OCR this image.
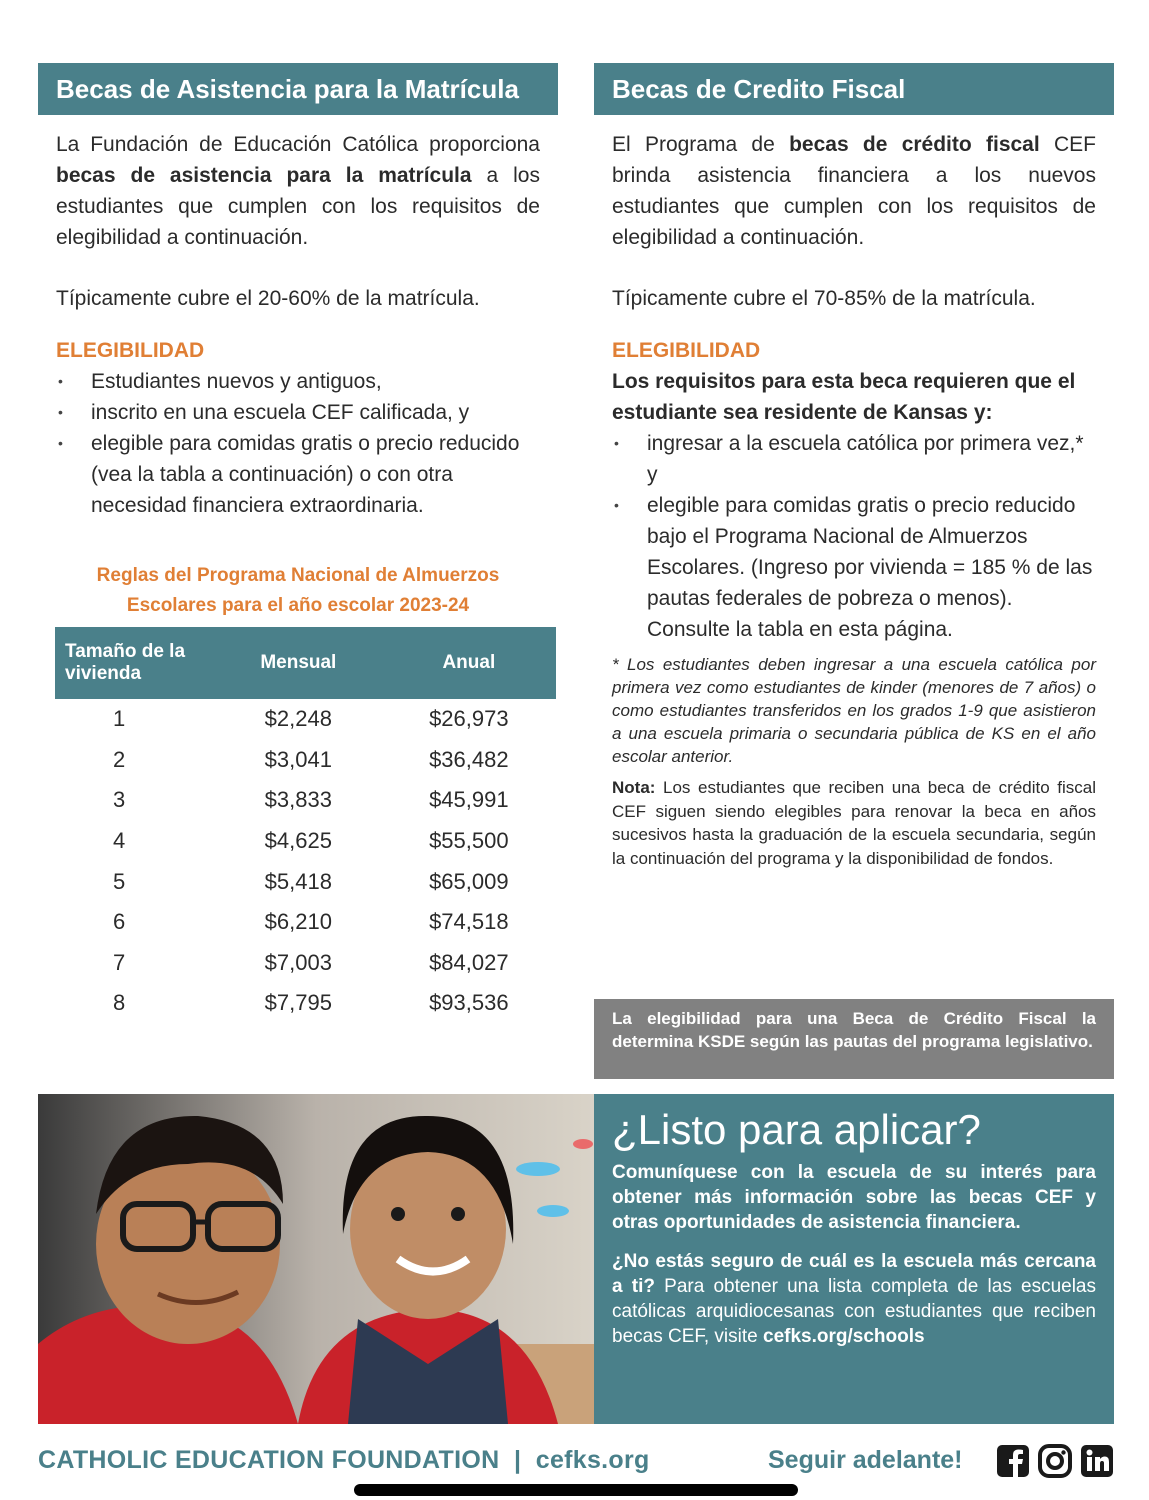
Becas de Asistencia para la Matrícula

La Fundación de Educación Católica proporciona becas de asistencia para la matrícula a los estudiantes que cumplen con los requisitos de elegibilidad a continuación.

Típicamente cubre el 20-60% de la matrícula.

ELEGIBILIDAD

• Estudiantes nuevos y antiguos,
• inscrito en una escuela CEF calificada, y
• elegible para comidas gratis o precio reducido (vea la tabla a continuación) o con otra necesidad financiera extraordinaria.

Reglas del Programa Nacional de Almuerzos
Escolares para el año escolar 2023-24

Tamaño de la vivienda	Mensual	Anual
1	$2,248	$26,973
2	$3,041	$36,482
3	$3,833	$45,991
4	$4,625	$55,500
5	$5,418	$65,009
6	$6,210	$74,518
7	$7,003	$84,027
8	$7,795	$93,536
Becas de Credito Fiscal

El Programa de becas de crédito fiscal CEF brinda asistencia financiera a los nuevos estudiantes que cumplen con los requisitos de elegibilidad a continuación.

Típicamente cubre el 70-85% de la matrícula.

ELEGIBILIDAD

Los requisitos para esta beca requieren que el estudiante sea residente de Kansas y:

• ingresar a la escuela católica por primera vez,* y
• elegible para comidas gratis o precio reducido bajo el Programa Nacional de Almuerzos Escolares. (Ingreso por vivienda = 185 % de las pautas federales de pobreza o menos). Consulte la tabla en esta página.

* Los estudiantes deben ingresar a una escuela católica por primera vez como estudiantes de kinder (menores de 7 años) o como estudiantes transferidos en los grados 1-9 que asistieron a una escuela primaria o secundaria pública de KS en el año escolar anterior.

Nota: Los estudiantes que reciben una beca de crédito fiscal CEF siguen siendo elegibles para renovar la beca en años sucesivos hasta la graduación de la escuela secundaria, según la continuación del programa y la disponibilidad de fondos.

La elegibilidad para una Beca de Crédito Fiscal la determina KSDE según las pautas del programa legislativo.
¿Listo para aplicar?

Comuníquese con la escuela de su interés para obtener más información sobre las becas CEF y otras oportunidades de asistencia financiera.

¿No estás seguro de cuál es la escuela más cercana a ti? Para obtener una lista completa de las escuelas católicas arquidiocesanas con estudiantes que reciben becas CEF, visite cefks.org/schools

CATHOLIC EDUCATION FOUNDATION | cefks.org	Seguir adelante!
